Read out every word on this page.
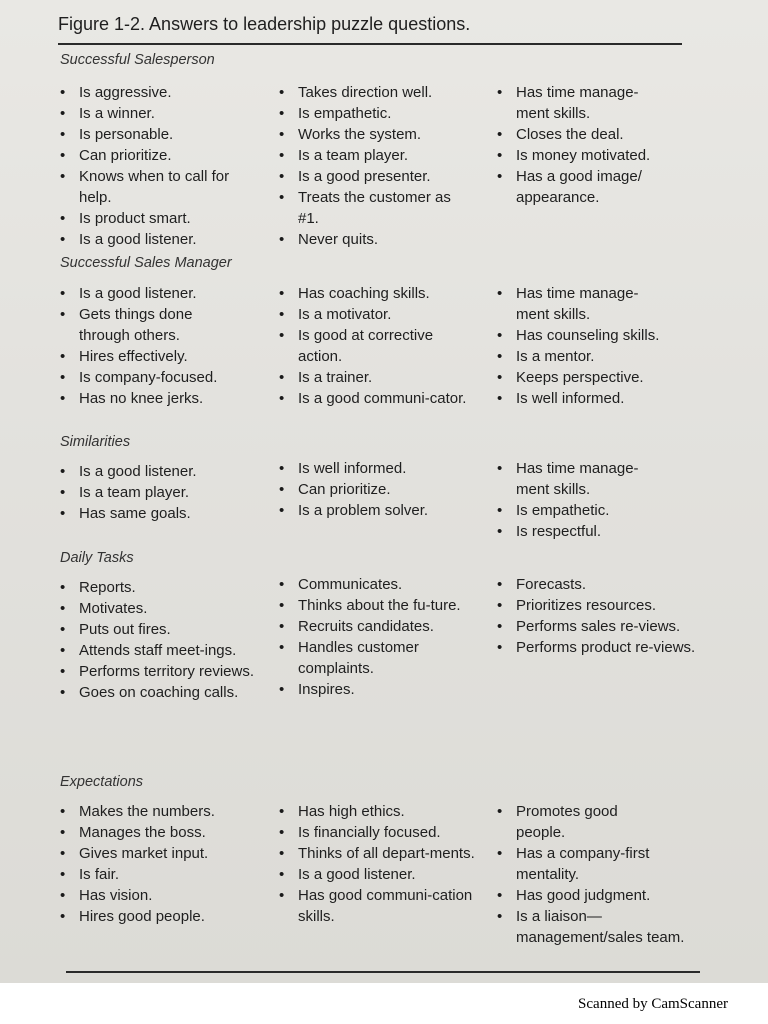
Figure 1-2. Answers to leadership puzzle questions.
Successful Salesperson
• Is aggressive.
• Is a winner.
• Is personable.
• Can prioritize.
• Knows when to call for help.
• Is product smart.
• Is a good listener.
• Takes direction well.
• Is empathetic.
• Works the system.
• Is a team player.
• Is a good presenter.
• Treats the customer as #1.
• Never quits.
• Has time manage-ment skills.
• Closes the deal.
• Is money motivated.
• Has a good image/ appearance.
Successful Sales Manager
• Is a good listener.
• Gets things done through others.
• Hires effectively.
• Is company-focused.
• Has no knee jerks.
• Has coaching skills.
• Is a motivator.
• Is good at corrective action.
• Is a trainer.
• Is a good communi-cator.
• Has time manage-ment skills.
• Has counseling skills.
• Is a mentor.
• Keeps perspective.
• Is well informed.
Similarities
• Is a good listener.
• Is a team player.
• Has same goals.
• Is well informed.
• Can prioritize.
• Is a problem solver.
• Has time manage-ment skills.
• Is empathetic.
• Is respectful.
Daily Tasks
• Reports.
• Motivates.
• Puts out fires.
• Attends staff meet-ings.
• Performs territory reviews.
• Goes on coaching calls.
• Communicates.
• Thinks about the fu-ture.
• Recruits candidates.
• Handles customer complaints.
• Inspires.
• Forecasts.
• Prioritizes resources.
• Performs sales re-views.
• Performs product re-views.
Expectations
• Makes the numbers.
• Manages the boss.
• Gives market input.
• Is fair.
• Has vision.
• Hires good people.
• Has high ethics.
• Is financially focused.
• Thinks of all depart-ments.
• Is a good listener.
• Has good communi-cation skills.
• Promotes good people.
• Has a company-first mentality.
• Has good judgment.
• Is a liaison—management/sales team.
Scanned by CamScanner
